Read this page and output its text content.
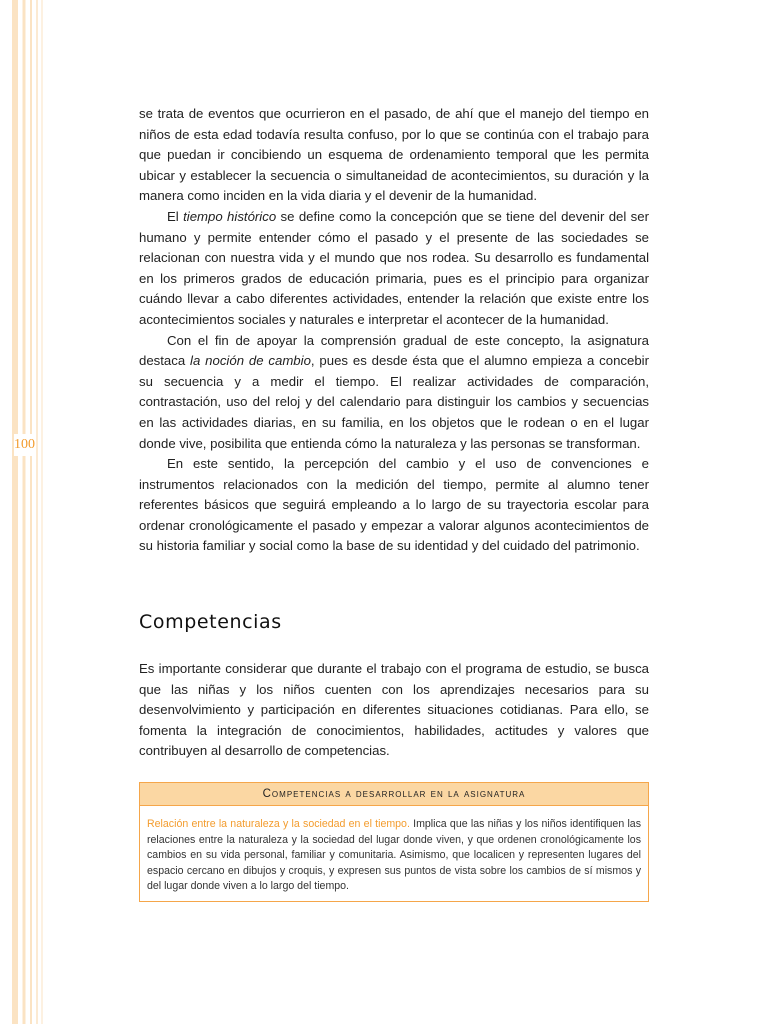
100

se trata de eventos que ocurrieron en el pasado, de ahí que el manejo del tiempo en niños de esta edad todavía resulta confuso, por lo que se continúa con el trabajo para que puedan ir concibiendo un esquema de ordenamiento temporal que les permita ubicar y establecer la secuencia o simultaneidad de acontecimientos, su duración y la manera como inciden en la vida diaria y el devenir de la humanidad.

El tiempo histórico se define como la concepción que se tiene del devenir del ser humano y permite entender cómo el pasado y el presente de las sociedades se relacionan con nuestra vida y el mundo que nos rodea. Su desarrollo es fundamental en los primeros grados de educación primaria, pues es el principio para organizar cuándo llevar a cabo diferentes actividades, entender la relación que existe entre los acontecimientos sociales y naturales e interpretar el acontecer de la humanidad.

Con el fin de apoyar la comprensión gradual de este concepto, la asignatura destaca la noción de cambio, pues es desde ésta que el alumno empieza a concebir su secuencia y a medir el tiempo. El realizar actividades de comparación, contrastación, uso del reloj y del calendario para distinguir los cambios y secuencias en las actividades diarias, en su familia, en los objetos que le rodean o en el lugar donde vive, posibilita que entienda cómo la naturaleza y las personas se transforman.

En este sentido, la percepción del cambio y el uso de convenciones e instrumentos relacionados con la medición del tiempo, permite al alumno tener referentes básicos que seguirá empleando a lo largo de su trayectoria escolar para ordenar cronológicamente el pasado y empezar a valorar algunos acontecimientos de su historia familiar y social como la base de su identidad y del cuidado del patrimonio.

Competencias

Es importante considerar que durante el trabajo con el programa de estudio, se busca que las niñas y los niños cuenten con los aprendizajes necesarios para su desenvolvimiento y participación en diferentes situaciones cotidianas. Para ello, se fomenta la integración de conocimientos, habilidades, actitudes y valores que contribuyen al desarrollo de competencias.

Competencias a desarrollar en la asignatura
Relación entre la naturaleza y la sociedad en el tiempo. Implica que las niñas y los niños identifiquen las relaciones entre la naturaleza y la sociedad del lugar donde viven, y que ordenen cronológicamente los cambios en su vida personal, familiar y comunitaria. Asimismo, que localicen y representen lugares del espacio cercano en dibujos y croquis, y expresen sus puntos de vista sobre los cambios de sí mismos y del lugar donde viven a lo largo del tiempo.
